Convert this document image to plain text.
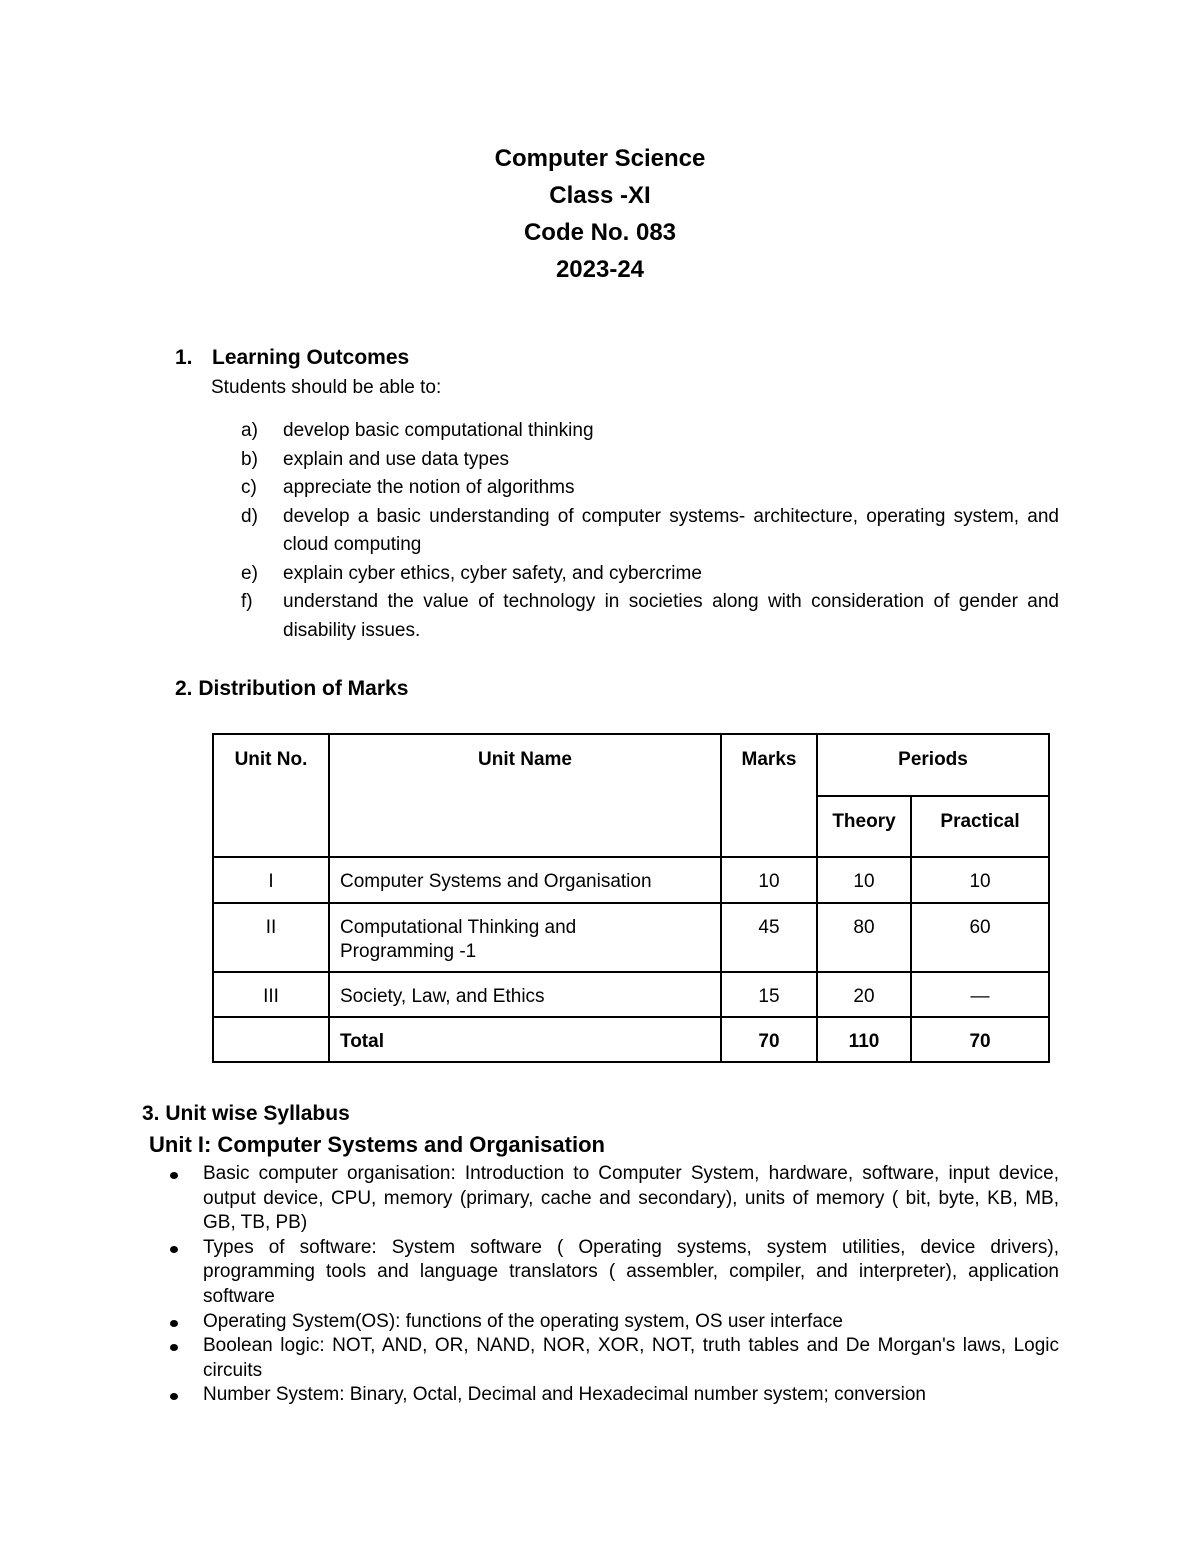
Computer Science

Class -XI

Code No. 083

2023-24

1. Learning Outcomes

Students should be able to:

a) develop basic computational thinking
b) explain and use data types
c) appreciate the notion of algorithms
d) develop a basic understanding of computer systems- architecture, operating system, and cloud computing
e) explain cyber ethics, cyber safety, and cybercrime
f) understand the value of technology in societies along with consideration of gender and disability issues.
2. Distribution of Marks
Unit No.	Unit Name	Marks	Periods	
			Theory	Practical
I	Computer Systems and Organisation	10	10	10
II	Computational Thinking and Programming -1	45	80	60
III	Society, Law, and Ethics	15	20	—
	Total	70	110	70
3. Unit wise Syllabus
Unit I: Computer Systems and Organisation
Basic computer organisation: Introduction to Computer System, hardware, software, input device, output device, CPU, memory (primary, cache and secondary), units of memory ( bit, byte, KB, MB, GB, TB, PB)
Types of software: System software ( Operating systems, system utilities, device drivers), programming tools and language translators ( assembler, compiler, and interpreter), application software
Operating System(OS): functions of the operating system, OS user interface
Boolean logic: NOT, AND, OR, NAND, NOR, XOR, NOT, truth tables and De Morgan's laws, Logic circuits
Number System: Binary, Octal, Decimal and Hexadecimal number system; conversion
